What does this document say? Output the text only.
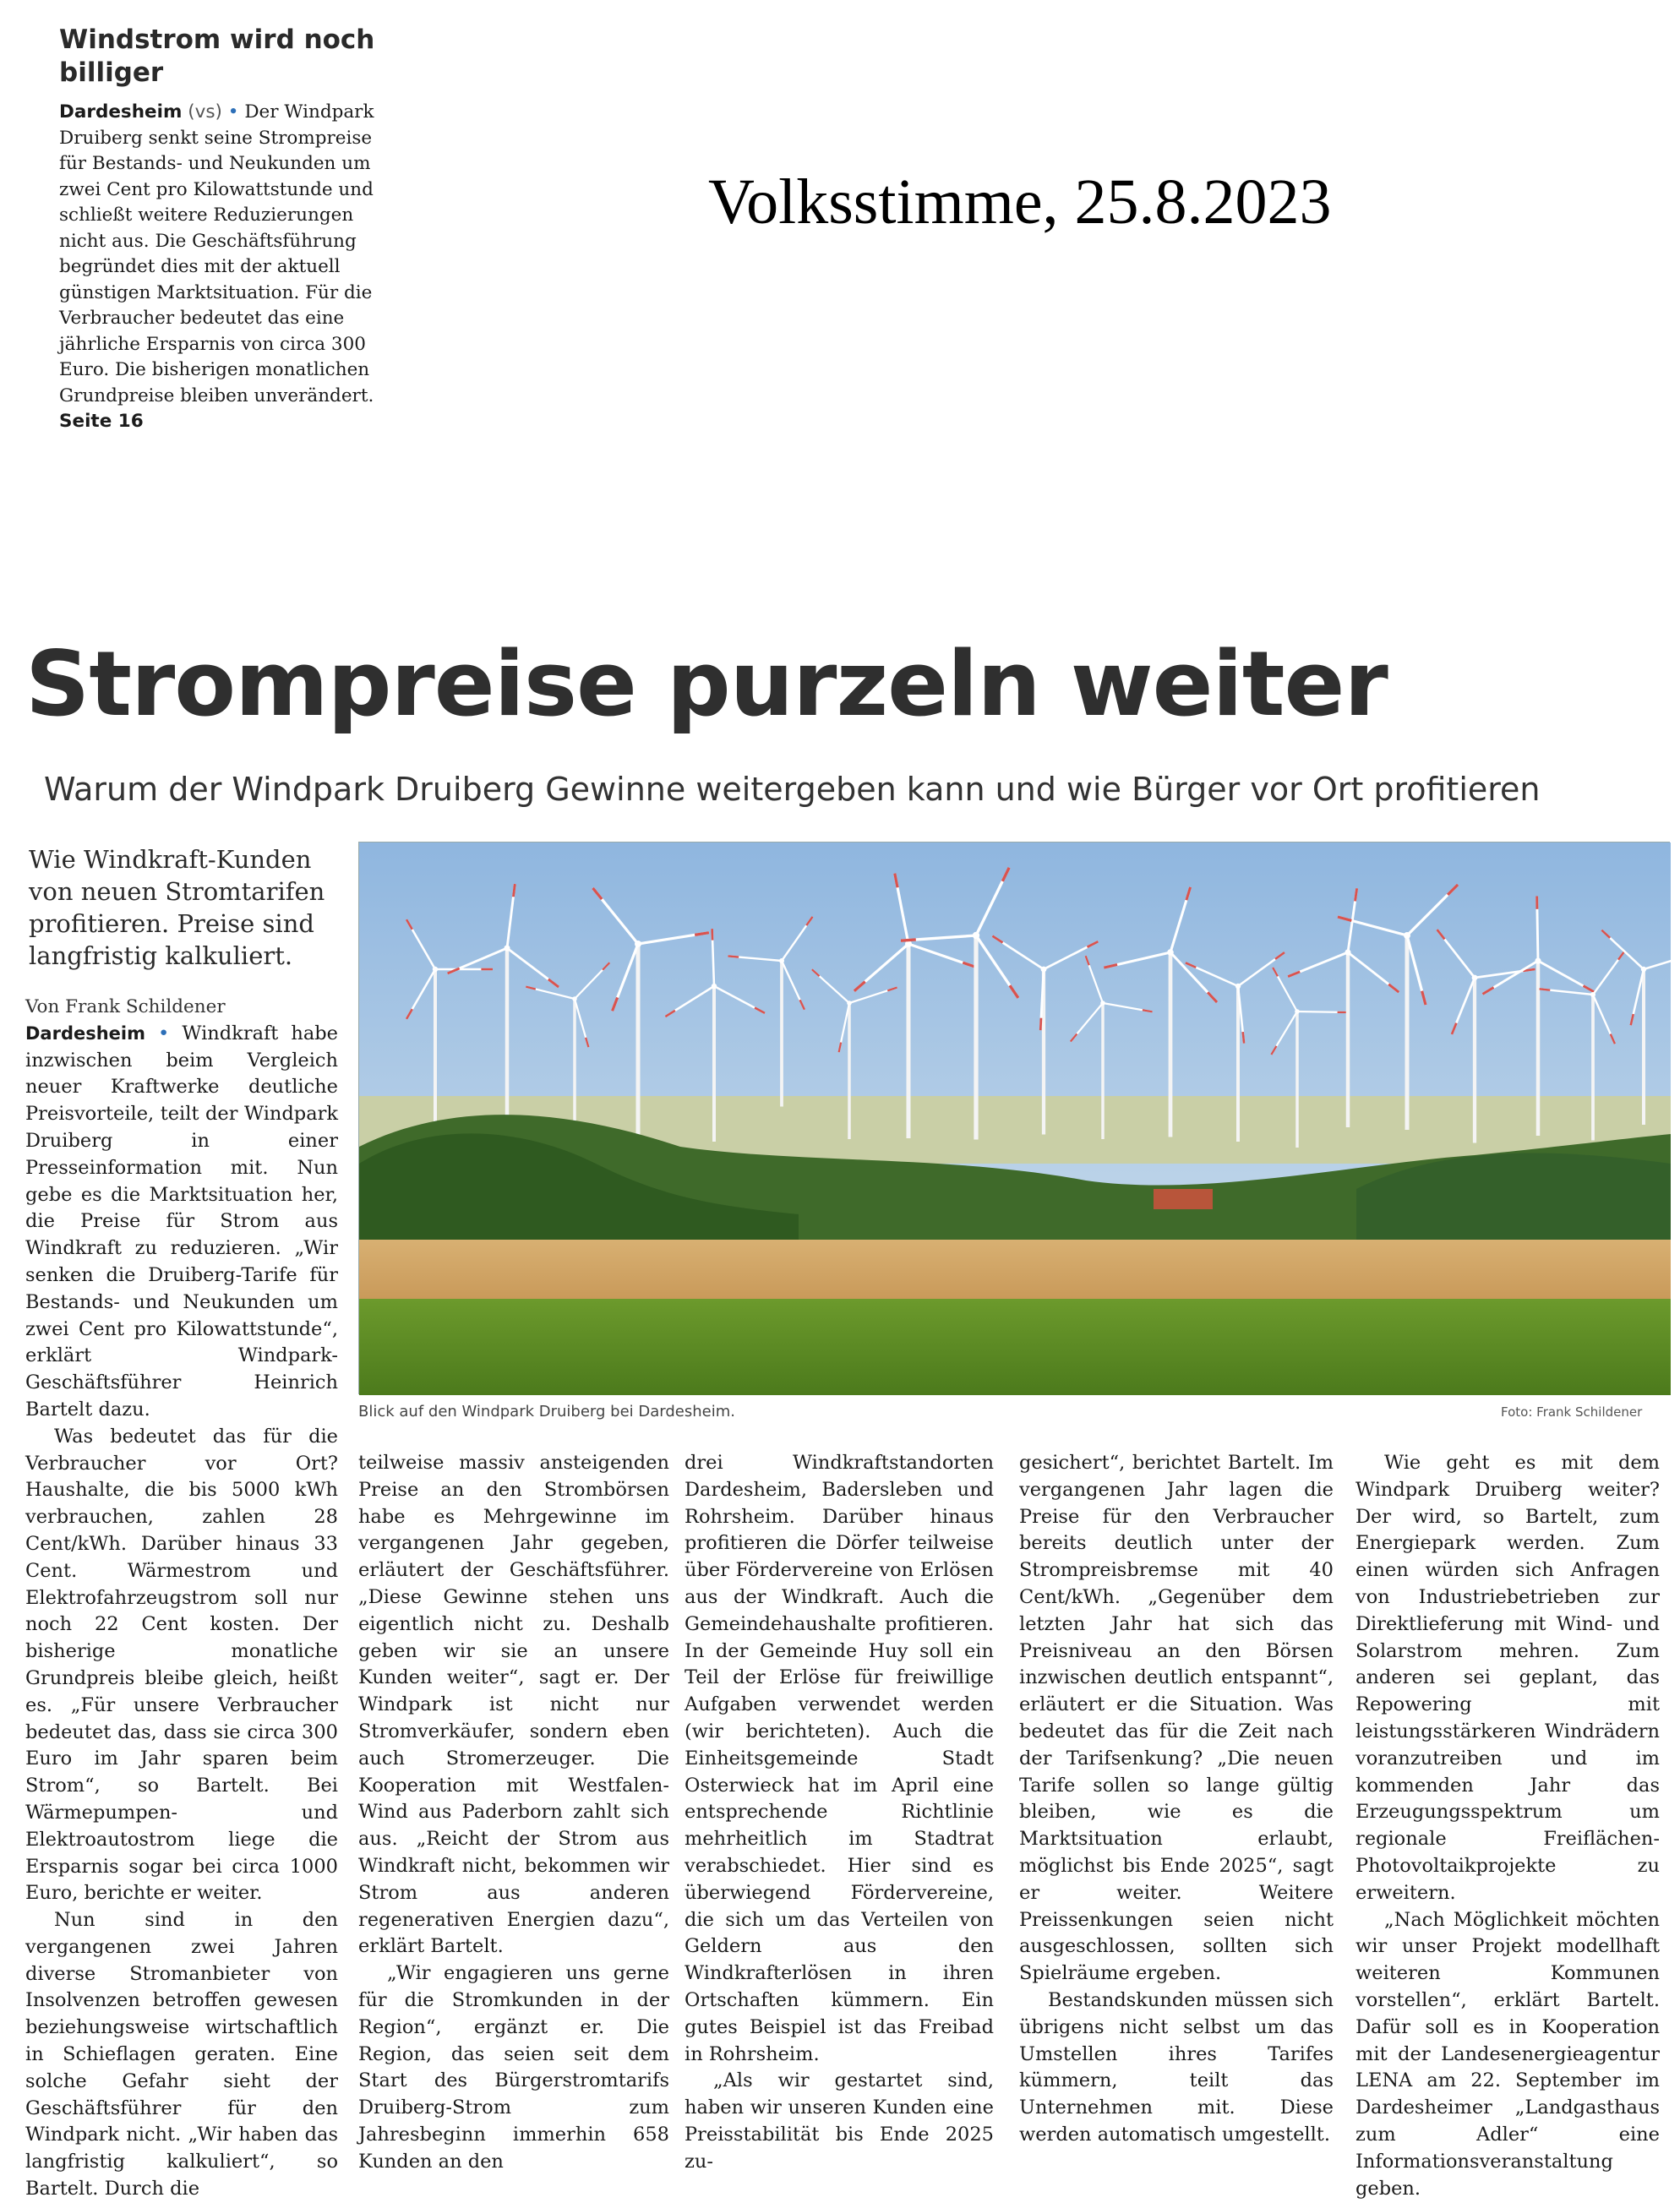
Windstrom wird noch billiger
Dardesheim (vs) • Der Windpark Druiberg senkt seine Strompreise für Bestands- und Neukunden um zwei Cent pro Kilowattstunde und schließt weitere Reduzierungen nicht aus. Die Geschäftsführung begründet dies mit der aktuell günstigen Marktsituation. Für die Verbraucher bedeutet das eine jährliche Ersparnis von circa 300 Euro. Die bisherigen monatlichen Grundpreise bleiben unverändert. Seite 16
Volksstimme, 25.8.2023
Strompreise purzeln weiter
Warum der Windpark Druiberg Gewinne weitergeben kann und wie Bürger vor Ort profitieren
Wie Windkraft-Kunden von neuen Stromtarifen profitieren. Preise sind langfristig kalkuliert.
Blick auf den Windpark Druiberg bei Dardesheim.	Foto: Frank Schildener

Von Frank Schildener

Dardesheim • Windkraft habe inzwischen beim Vergleich neuer Kraftwerke deutliche Preisvorteile, teilt der Windpark Druiberg in einer Presseinformation mit. Nun gebe es die Marktsituation her, die Preise für Strom aus Windkraft zu reduzieren. „Wir senken die Druiberg-Tarife für Bestands- und Neukunden um zwei Cent pro Kilowattstunde“, erklärt Windpark-Geschäftsführer Heinrich Bartelt dazu.

Was bedeutet das für die Verbraucher vor Ort? Haushalte, die bis 5000 kWh verbrauchen, zahlen 28 Cent/kWh. Darüber hinaus 33 Cent. Wärmestrom und Elektrofahrzeugstrom soll nur noch 22 Cent kosten. Der bisherige monatliche Grundpreis bleibe gleich, heißt es. „Für unsere Verbraucher bedeutet das, dass sie circa 300 Euro im Jahr sparen beim Strom“, so Bartelt. Bei Wärmepumpen- und Elektroautostrom liege die Ersparnis sogar bei circa 1000 Euro, berichte er weiter.

Nun sind in den vergangenen zwei Jahren diverse Stromanbieter von Insolvenzen betroffen gewesen beziehungsweise wirtschaftlich in Schieflagen geraten. Eine solche Gefahr sieht der Geschäftsführer für den Windpark nicht. „Wir haben das langfristig kalkuliert“, so Bartelt. Durch die

teilweise massiv ansteigenden Preise an den Strombörsen habe es Mehrgewinne im vergangenen Jahr gegeben, erläutert der Geschäftsführer. „Diese Gewinne stehen uns eigentlich nicht zu. Deshalb geben wir sie an unsere Kunden weiter“, sagt er. Der Windpark ist nicht nur Stromverkäufer, sondern eben auch Stromerzeuger. Die Kooperation mit Westfalen-Wind aus Paderborn zahlt sich aus. „Reicht der Strom aus Windkraft nicht, bekommen wir Strom aus anderen regenerativen Energien dazu“, erklärt Bartelt.

„Wir engagieren uns gerne für die Stromkunden in der Region“, ergänzt er. Die Region, das seien seit dem Start des Bürgerstromtarifs Druiberg-Strom zum Jahresbeginn immerhin 658 Kunden an den

drei Windkraftstandorten Dardesheim, Badersleben und Rohrsheim. Darüber hinaus profitieren die Dörfer teilweise über Fördervereine von Erlösen aus der Windkraft. Auch die Gemeindehaushalte profitieren. In der Gemeinde Huy soll ein Teil der Erlöse für freiwillige Aufgaben verwendet werden (wir berichteten). Auch die Einheitsgemeinde Stadt Osterwieck hat im April eine entsprechende Richtlinie mehrheitlich im Stadtrat verabschiedet. Hier sind es überwiegend Fördervereine, die sich um das Verteilen von Geldern aus den Windkrafterlösen in ihren Ortschaften kümmern. Ein gutes Beispiel ist das Freibad in Rohrsheim.

„Als wir gestartet sind, haben wir unseren Kunden eine Preisstabilität bis Ende 2025 zu-

gesichert“, berichtet Bartelt. Im vergangenen Jahr lagen die Preise für den Verbraucher bereits deutlich unter der Strompreisbremse mit 40 Cent/kWh. „Gegenüber dem letzten Jahr hat sich das Preisniveau an den Börsen inzwischen deutlich entspannt“, erläutert er die Situation. Was bedeutet das für die Zeit nach der Tarifsenkung? „Die neuen Tarife sollen so lange gültig bleiben, wie es die Marktsituation erlaubt, möglichst bis Ende 2025“, sagt er weiter. Weitere Preissenkungen seien nicht ausgeschlossen, sollten sich Spielräume ergeben.

Bestandskunden müssen sich übrigens nicht selbst um das Umstellen ihres Tarifes kümmern, teilt das Unternehmen mit. Diese werden automatisch umgestellt.

Wie geht es mit dem Windpark Druiberg weiter? Der wird, so Bartelt, zum Energiepark werden. Zum einen würden sich Anfragen von Industriebetrieben zur Direktlieferung mit Wind- und Solarstrom mehren. Zum anderen sei geplant, das Repowering mit leistungsstärkeren Windrädern voranzutreiben und im kommenden Jahr das Erzeugungsspektrum um regionale Freiflächen-Photovoltaikprojekte zu erweitern.

„Nach Möglichkeit möchten wir unser Projekt modellhaft weiteren Kommunen vorstellen“, erklärt Bartelt. Dafür soll es in Kooperation mit der Landesenergieagentur LENA am 22. September im Dardesheimer „Landgasthaus zum Adler“ eine Informationsveranstaltung geben.
